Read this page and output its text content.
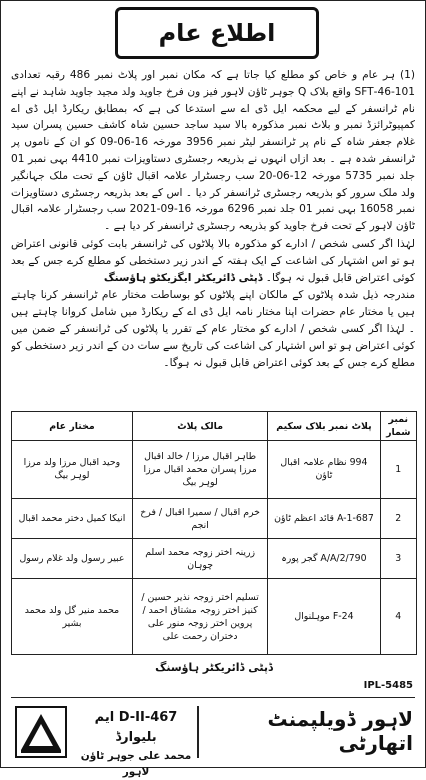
اطلاع عام

(1) ہر عام و خاص کو مطلع کیا جاتا ہے کہ مکان نمبر اور پلاٹ نمبر 486 رقبہ تعدادی 101-46-SFT واقع بلاک Q جوہر ٹاؤن لاہور فیز ون فرخ جاوید ولد مجید جاوید شاہد نے اپنے نام ٹرانسفر کے لیے محکمہ ایل ڈی اے سے استدعا کی ہے کہ بمطابق ریکارڈ ایل ڈی اے کمپیوٹرائزڈ نمبر و بلاٹ نمبر مذکورہ بالا سید ساجد حسین شاہ کاشف حسین پسران سید غلام جعفر شاہ کے نام پر ٹرانسفر لیٹر نمبر 3956 مورخہ 16-06-09 کو ان کے ناموں پر ٹرانسفر شدہ ہے ۔ بعد ازاں انہوں نے بذریعہ رجسٹری دستاویزات نمبر 4410 بہی نمبر 01 جلد نمبر 5735 مورخہ 12-06-20 سب رجسٹرار علامہ اقبال ٹاؤن کے تحت ملک جہانگیر ولد ملک سرور کو بذریعہ رجسٹری ٹرانسفر کر دیا ۔ اس کے بعد بذریعہ رجسٹری دستاویزات نمبر 16058 بہی نمبر 01 جلد نمبر 6296 مورخہ 16-09-2021 سب رجسٹرار علامہ اقبال ٹاؤن لاہور کے تحت فرخ جاوید کو بذریعہ رجسٹری ٹرانسفر کر دیا ہے ۔

لہٰذا اگر کسی شخص / ادارے کو مذکورہ بالا پلاٹوں کی ٹرانسفر بابت کوئی قانونی اعتراض ہو تو اس اشتہار کی اشاعت کے ایک ہفتہ کے اندر زیر دستخطی کو مطلع کرے جس کے بعد کوئی اعتراض قابل قبول نہ ہوگا۔ ڈپٹی ڈائریکٹر ایگزیکٹو ہاؤسنگ

مندرجہ ذیل شدہ پلاٹوں کے مالکان اپنے پلاٹوں کو بوساطت مختار عام ٹرانسفر کرنا چاہتے ہیں یا مختار عام حضرات اپنا مختار نامہ ایل ڈی اے کے ریکارڈ میں شامل کروانا چاہتے ہیں ۔ لہٰذا اگر کسی شخص / ادارے کو مختار عام کے تقرر یا پلاٹوں کی ٹرانسفر کے ضمن میں کوئی اعتراض ہو تو اس اشتہار کی اشاعت کی تاریخ سے سات دن کے اندر زیر دستخطی کو مطلع کرے جس کے بعد کوئی اعتراض قابل قبول نہ ہوگا۔

نمبر شمار	پلاٹ نمبر بلاک سکیم	مالک پلاٹ	مختار عام
1	994 نظام علامہ اقبال ٹاؤن	طاہر اقبال مرزا / خالد اقبال مرزا پسران محمد اقبال مرزا لوہر بیگ	وحید اقبال مرزا ولد مرزا لوہر بیگ
2	687-A-1 قائد اعظم ٹاؤن	خرم اقبال / سمیرا اقبال / فرخ انجم	انیکا کمیل دختر محمد اقبال
3	790/A/A/2 گجر پورہ	زرینہ اختر زوجہ محمد اسلم چوہان	عبیر رسول ولد غلام رسول
4	24-F موہلنوال	تسلیم اختر زوجہ نذیر حسین / کنیز اختر زوجہ مشتاق احمد / پروین اختر زوجہ منور علی دختران رحمت علی	محمد منیر گل ولد محمد بشیر
ڈپٹی ڈائریکٹر ہاؤسنگ
IPL-5485
لاہور ڈویلپمنٹ اتھارٹی
467-D-II ایم بلیوارڈ
محمد علی جوہر ٹاؤن لاہور
